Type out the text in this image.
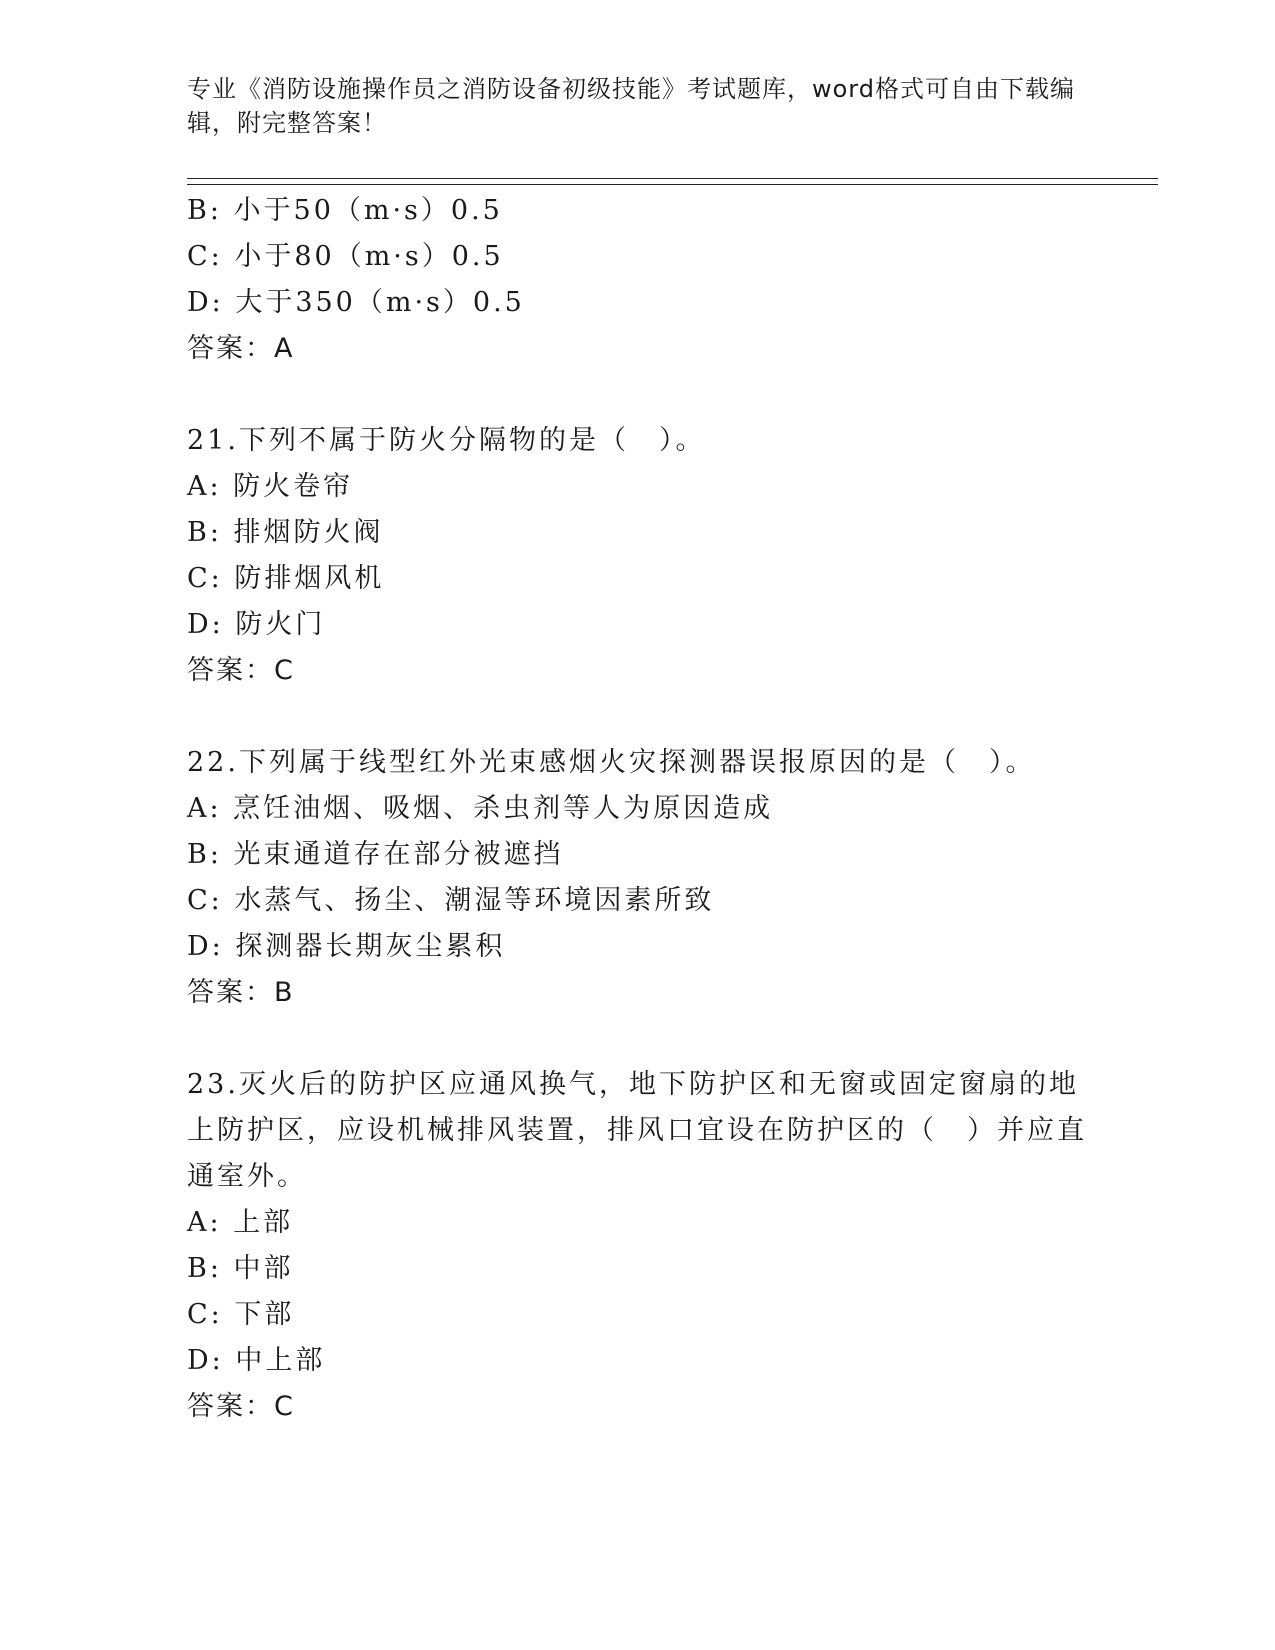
专业《消防设施操作员之消防设备初级技能》考试题库，word格式可自由下载编辑，附完整答案！
B: 小于50（m·s）0.5
C: 小于80（m·s）0.5
D: 大于350（m·s）0.5
答案：A
21.下列不属于防火分隔物的是（　）。
A: 防火卷帘
B: 排烟防火阀
C: 防排烟风机
D: 防火门
答案：C
22.下列属于线型红外光束感烟火灾探测器误报原因的是（　）。
A: 烹饪油烟、吸烟、杀虫剂等人为原因造成
B: 光束通道存在部分被遮挡
C: 水蒸气、扬尘、潮湿等环境因素所致
D: 探测器长期灰尘累积
答案：B
23.灭火后的防护区应通风换气，地下防护区和无窗或固定窗扇的地上防护区，应设机械排风装置，排风口宜设在防护区的（　）并应直通室外。
A: 上部
B: 中部
C: 下部
D: 中上部
答案：C
